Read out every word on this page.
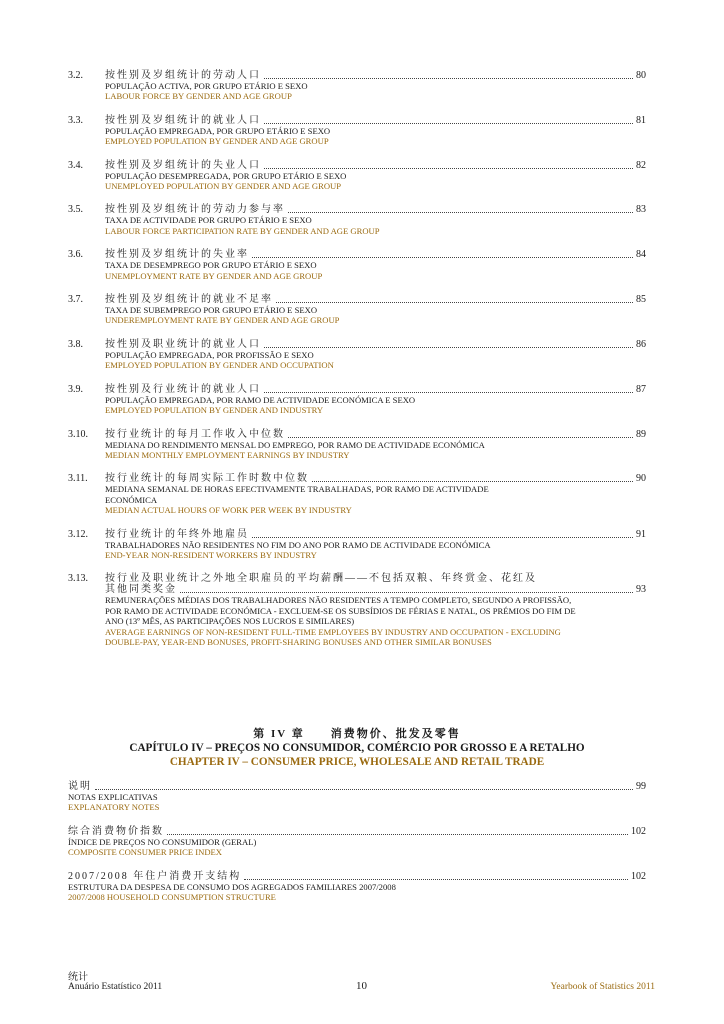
3.2. 按性别及岁组统计的劳动人口	80
POPULAÇÃO ACTIVA, POR GRUPO ETÁRIO E SEXO
LABOUR FORCE BY GENDER AND AGE GROUP
3.3. 按性别及岁组统计的就业人口	81
POPULAÇÃO EMPREGADA, POR GRUPO ETÁRIO E SEXO
EMPLOYED POPULATION BY GENDER AND AGE GROUP
3.4. 按性别及岁组统计的失业人口	82
POPULAÇÃO DESEMPREGADA, POR GRUPO ETÁRIO E SEXO
UNEMPLOYED POPULATION BY GENDER AND AGE GROUP
3.5. 按性别及岁组统计的劳动力参与率	83
TAXA DE ACTIVIDADE POR GRUPO ETÁRIO E SEXO
LABOUR FORCE PARTICIPATION RATE BY GENDER AND AGE GROUP
3.6. 按性别及岁组统计的失业率	84
TAXA DE DESEMPREGO POR GRUPO ETÁRIO E SEXO
UNEMPLOYMENT RATE BY GENDER AND AGE GROUP
3.7. 按性别及岁组统计的就业不足率	85
TAXA DE SUBEMPREGO POR GRUPO ETÁRIO E SEXO
UNDEREMPLOYMENT RATE BY GENDER AND AGE GROUP
3.8. 按性别及职业统计的就业人口	86
POPULAÇÃO EMPREGADA, POR PROFISSÃO E SEXO
EMPLOYED POPULATION BY GENDER AND OCCUPATION
3.9. 按性别及行业统计的就业人口	87
POPULAÇÃO EMPREGADA, POR RAMO DE ACTIVIDADE ECONÓMICA E SEXO
EMPLOYED POPULATION BY GENDER AND INDUSTRY
3.10. 按行业统计的每月工作收入中位数	89
MEDIANA DO RENDIMENTO MENSAL DO EMPREGO, POR RAMO DE ACTIVIDADE ECONÓMICA
MEDIAN MONTHLY EMPLOYMENT EARNINGS BY INDUSTRY
3.11. 按行业统计的每周实际工作时数中位数	90
MEDIANA SEMANAL DE HORAS EFECTIVAMENTE TRABALHADAS, POR RAMO DE ACTIVIDADE ECONÓMICA
MEDIAN ACTUAL HOURS OF WORK PER WEEK BY INDUSTRY
3.12. 按行业统计的年终外地雇员	91
TRABALHADORES NÃO RESIDENTES NO FIM DO ANO POR RAMO DE ACTIVIDADE ECONÓMICA
END-YEAR NON-RESIDENT WORKERS BY INDUSTRY
3.13. 按行业及职业统计之外地全职雇员的平均薪酬——不包括双粮、年终赏金、花红及
其他同类奖金	93
REMUNERAÇÕES MÉDIAS DOS TRABALHADORES NÃO RESIDENTES A TEMPO COMPLETO, SEGUNDO A PROFISSÃO, POR RAMO DE ACTIVIDADE ECONÓMICA - EXCLUEM-SE OS SUBSÍDIOS DE FÉRIAS E NATAL, OS PRÉMIOS DO FIM DE ANO (13º MÊS, AS PARTICIPAÇÕES NOS LUCROS E SIMILARES)
AVERAGE EARNINGS OF NON-RESIDENT FULL-TIME EMPLOYEES BY INDUSTRY AND OCCUPATION - EXCLUDING DOUBLE-PAY, YEAR-END BONUSES, PROFIT-SHARING BONUSES AND OTHER SIMILAR BONUSES
第 IV 章　　消费物价、批发及零售
CAPÍTULO IV – PREÇOS NO CONSUMIDOR, COMÉRCIO POR GROSSO E A RETALHO
CHAPTER IV – CONSUMER PRICE, WHOLESALE AND RETAIL TRADE
说明	99
NOTAS EXPLICATIVAS
EXPLANATORY NOTES
综合消费物价指数	102
ÍNDICE DE PREÇOS NO CONSUMIDOR (GERAL)
COMPOSITE CONSUMER PRICE INDEX
2007/2008 年住户消费开支结构	102
ESTRUTURA DA DESPESA DE CONSUMO DOS AGREGADOS FAMILIARES 2007/2008
2007/2008 HOUSEHOLD CONSUMPTION STRUCTURE
统计
Anuário Estatístico 2011	10	Yearbook of Statistics 2011
